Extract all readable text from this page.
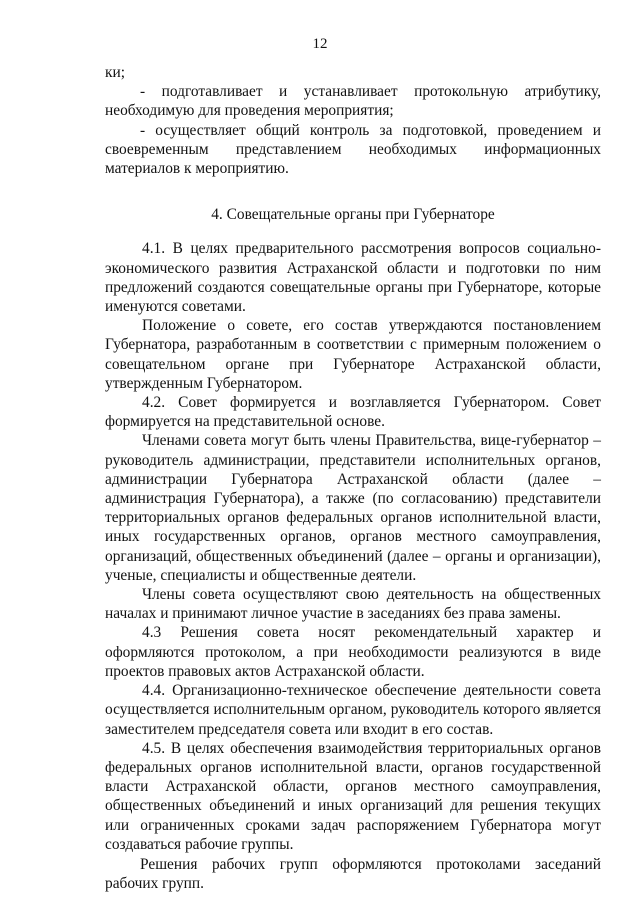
12

ки;

- подготавливает и устанавливает протокольную атрибутику, необходимую для проведения мероприятия;

- осуществляет общий контроль за подготовкой, проведением и своевременным представлением необходимых информационных материалов к мероприятию.

4. Совещательные органы при Губернаторе

4.1. В целях предварительного рассмотрения вопросов социально-экономического развития Астраханской области и подготовки по ним предложений создаются совещательные органы при Губернаторе, которые именуются советами.

Положение о совете, его состав утверждаются постановлением Губернатора, разработанным в соответствии с примерным положением о совещательном органе при Губернаторе Астраханской области, утвержденным Губернатором.

4.2. Совет формируется и возглавляется Губернатором. Совет формируется на представительной основе.

Членами совета могут быть члены Правительства, вице-губернатор – руководитель администрации, представители исполнительных органов, администрации Губернатора Астраханской области (далее – администрация Губернатора), а также (по согласованию) представители территориальных органов федеральных органов исполнительной власти, иных государственных органов, органов местного самоуправления, организаций, общественных объединений (далее – органы и организации), ученые, специалисты и общественные деятели.

Члены совета осуществляют свою деятельность на общественных началах и принимают личное участие в заседаниях без права замены.

4.3 Решения совета носят рекомендательный характер и оформляются протоколом, а при необходимости реализуются в виде проектов правовых актов Астраханской области.

4.4. Организационно-техническое обеспечение деятельности совета осуществляется исполнительным органом, руководитель которого является заместителем председателя совета или входит в его состав.

4.5. В целях обеспечения взаимодействия территориальных органов федеральных органов исполнительной власти, органов государственной власти Астраханской области, органов местного самоуправления, общественных объединений и иных организаций для решения текущих или ограниченных сроками задач распоряжением Губернатора могут создаваться рабочие группы.

Решения рабочих групп оформляются протоколами заседаний рабочих групп.
